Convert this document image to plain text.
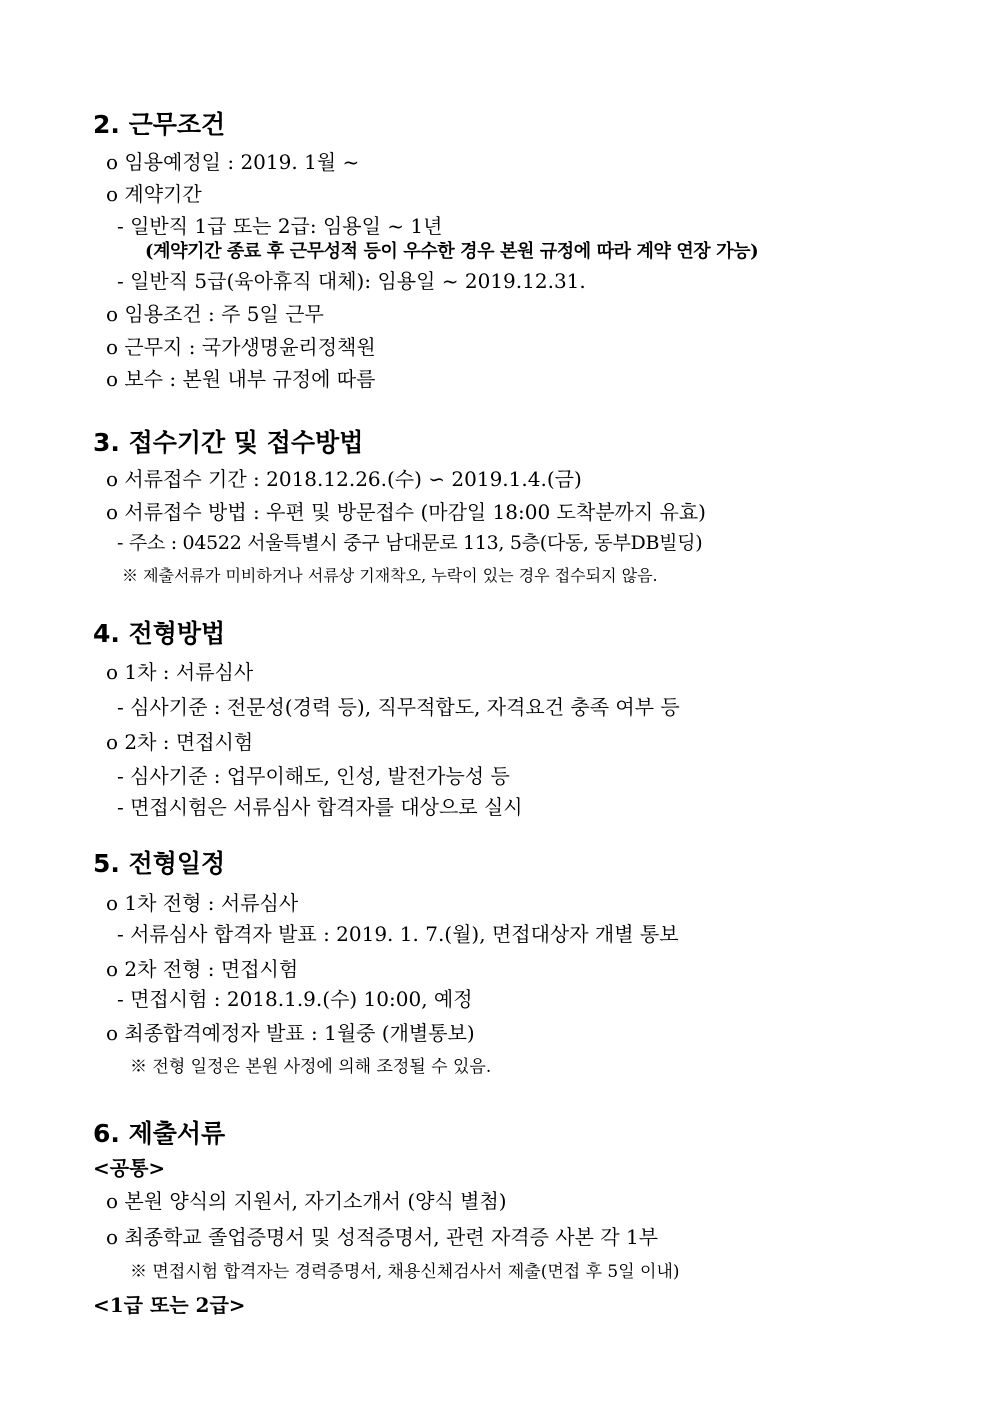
2. 근무조건
o 임용예정일 : 2019. 1월 ~
o 계약기간
- 일반직 1급 또는 2급: 임용일 ~ 1년
(계약기간 종료 후 근무성적 등이 우수한 경우 본원 규정에 따라 계약 연장 가능)
- 일반직 5급(육아휴직 대체): 임용일 ~ 2019.12.31.
o 임용조건 : 주 5일 근무
o 근무지 : 국가생명윤리정책원
o 보수 : 본원 내부 규정에 따름
3. 접수기간 및 접수방법
o 서류접수 기간 : 2018.12.26.(수) ∽ 2019.1.4.(금)
o 서류접수 방법 : 우편 및 방문접수 (마감일 18:00 도착분까지 유효)
- 주소 : 04522 서울특별시 중구 남대문로 113, 5층(다동, 동부DB빌딩)
※ 제출서류가 미비하거나 서류상 기재착오, 누락이 있는 경우 접수되지 않음.
4. 전형방법
o 1차 : 서류심사
- 심사기준 : 전문성(경력 등), 직무적합도, 자격요건 충족 여부 등
o 2차 : 면접시험
- 심사기준 : 업무이해도, 인성, 발전가능성 등
- 면접시험은 서류심사 합격자를 대상으로 실시
5. 전형일정
o 1차 전형 : 서류심사
- 서류심사 합격자 발표 : 2019. 1. 7.(월), 면접대상자 개별 통보
o 2차 전형 : 면접시험
- 면접시험 : 2018.1.9.(수) 10:00, 예정
o 최종합격예정자 발표 : 1월중 (개별통보)
※ 전형 일정은 본원 사정에 의해 조정될 수 있음.
6. 제출서류
<공통>
o 본원 양식의 지원서, 자기소개서 (양식 별첨)
o 최종학교 졸업증명서 및 성적증명서, 관련 자격증 사본 각 1부
※ 면접시험 합격자는 경력증명서, 채용신체검사서 제출(면접 후 5일 이내)
<1급 또는 2급>
